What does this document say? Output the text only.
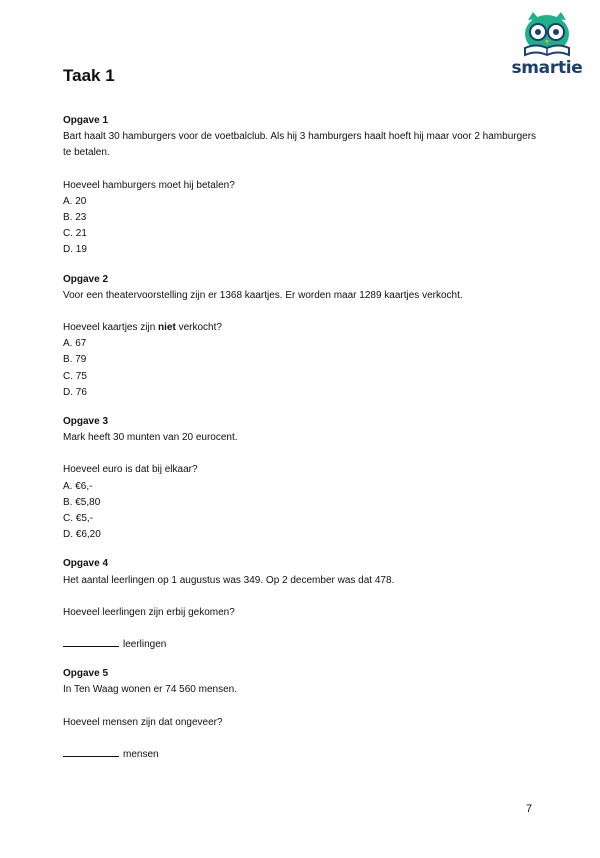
Taak 1	smartie
Opgave 1
Bart haalt 30 hamburgers voor de voetbalclub. Als hij 3 hamburgers haalt hoeft hij maar voor 2 hamburgers te betalen.
Hoeveel hamburgers moet hij betalen?
A. 20
B. 23
C. 21
D. 19
Opgave 2
Voor een theatervoorstelling zijn er 1368 kaartjes. Er worden maar 1289 kaartjes verkocht.
Hoeveel kaartjes zijn niet verkocht?
A. 67
B. 79
C. 75
D. 76
Opgave 3
Mark heeft 30 munten van 20 eurocent.
Hoeveel euro is dat bij elkaar?
A. €6,-
B. €5,80
C. €5,-
D. €6,20
Opgave 4
Het aantal leerlingen op 1 augustus was 349. Op 2 december was dat 478.
Hoeveel leerlingen zijn erbij gekomen?
leerlingen
Opgave 5
In Ten Waag wonen er 74 560 mensen.
Hoeveel mensen zijn dat ongeveer?
mensen
7
